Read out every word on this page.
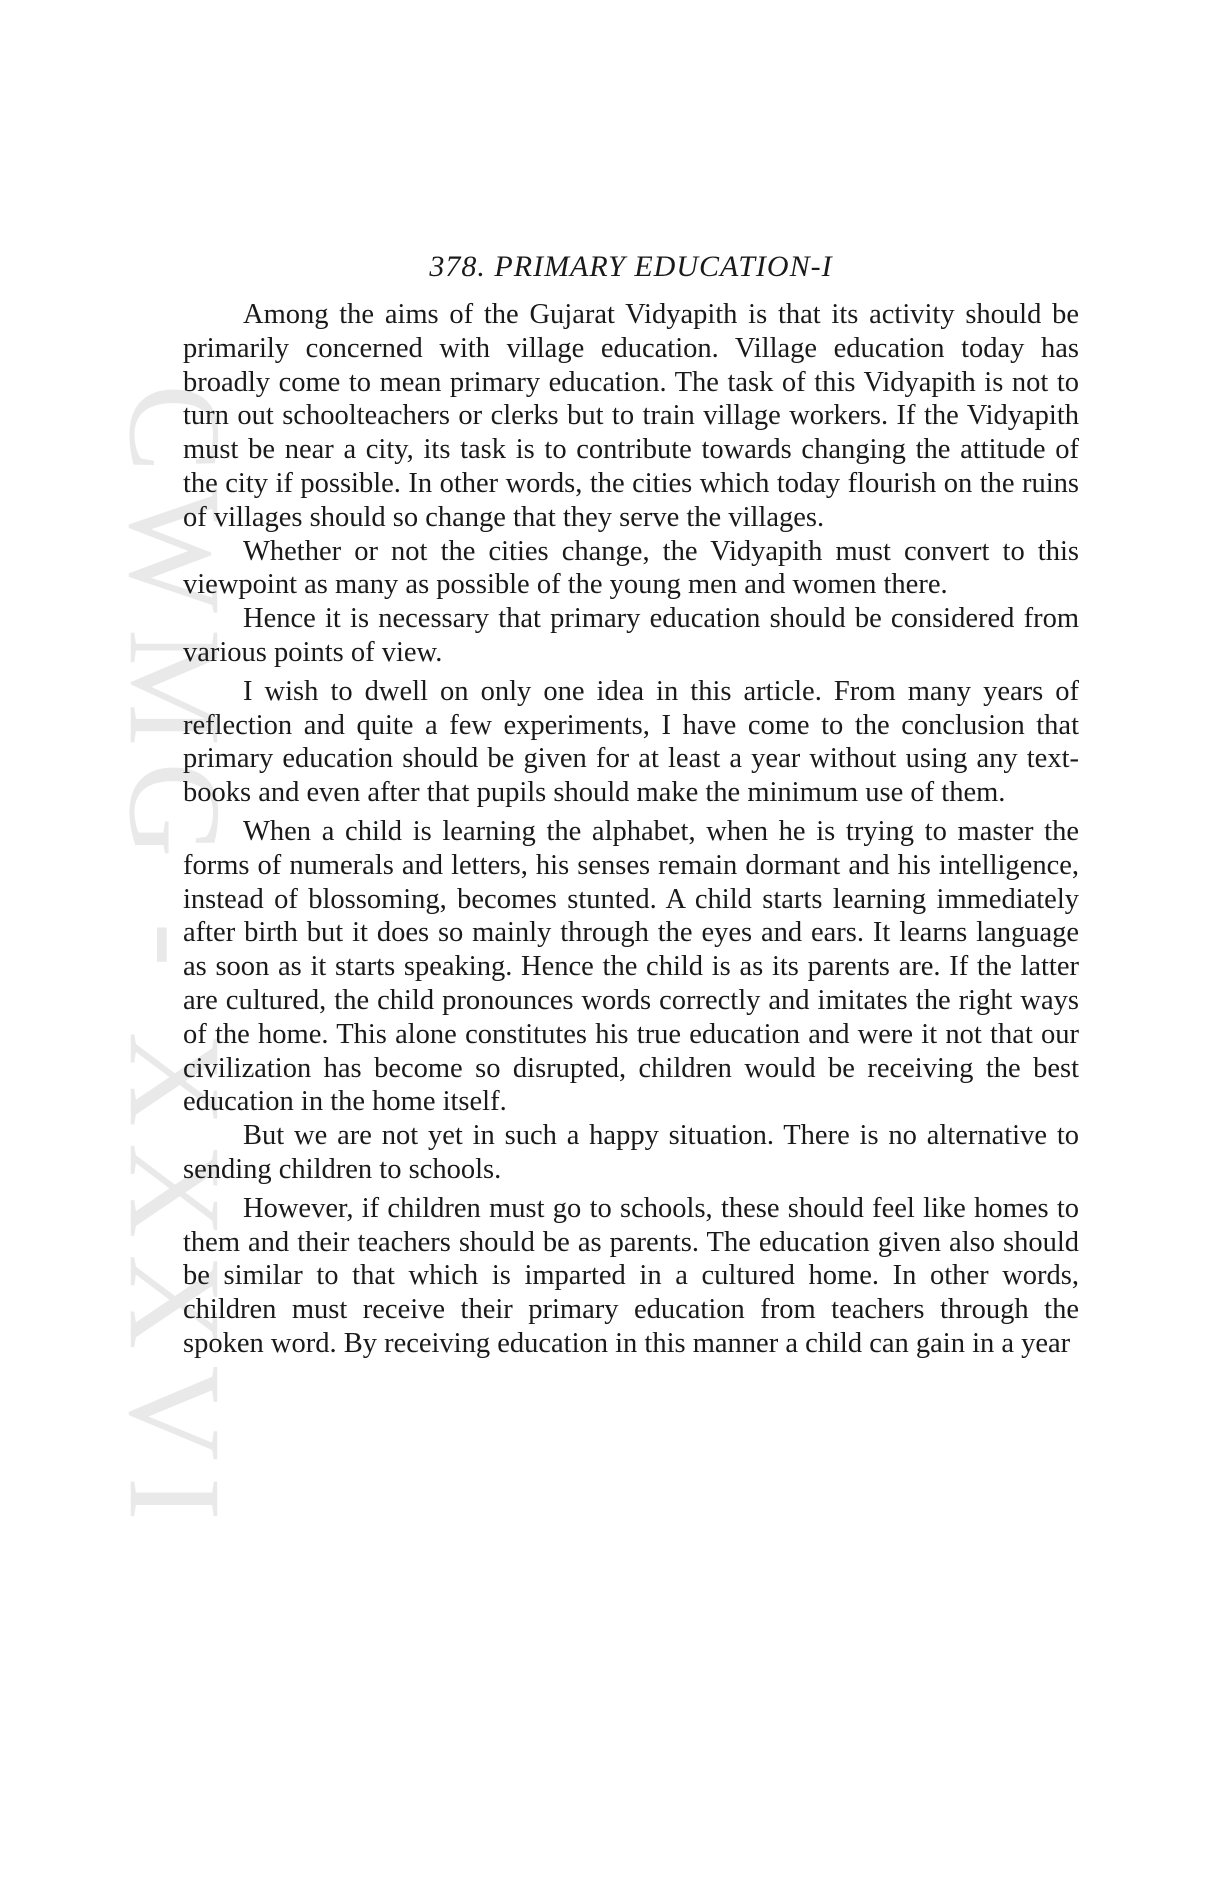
CWMG - XXXVI
378. PRIMARY EDUCATION-I

Among the aims of the Gujarat Vidyapith is that its activity should be primarily concerned with village education. Village education today has broadly come to mean primary education. The task of this Vidyapith is not to turn out schoolteachers or clerks but to train village workers. If the Vidyapith must be near a city, its task is to contribute towards changing the attitude of the city if possible. In other words, the cities which today flourish on the ruins of villages should so change that they serve the villages.

Whether or not the cities change, the Vidyapith must convert to this viewpoint as many as possible of the young men and women there.

Hence it is necessary that primary education should be considered from various points of view.

I wish to dwell on only one idea in this article. From many years of reflection and quite a few experiments, I have come to the conclusion that primary education should be given for at least a year without using any text-books and even after that pupils should make the minimum use of them.

When a child is learning the alphabet, when he is trying to master the forms of numerals and letters, his senses remain dormant and his intelligence, instead of blossoming, becomes stunted. A child starts learning immediately after birth but it does so mainly through the eyes and ears. It learns language as soon as it starts speaking. Hence the child is as its parents are. If the latter are cultured, the child pronounces words correctly and imitates the right ways of the home. This alone constitutes his true education and were it not that our civilization has become so disrupted, children would be receiving the best education in the home itself.

But we are not yet in such a happy situation. There is no alternative to sending children to schools.

However, if children must go to schools, these should feel like homes to them and their teachers should be as parents. The education given also should be similar to that which is imparted in a cultured home. In other words, children must receive their primary education from teachers through the spoken word. By receiving education in this manner a child can gain in a year
